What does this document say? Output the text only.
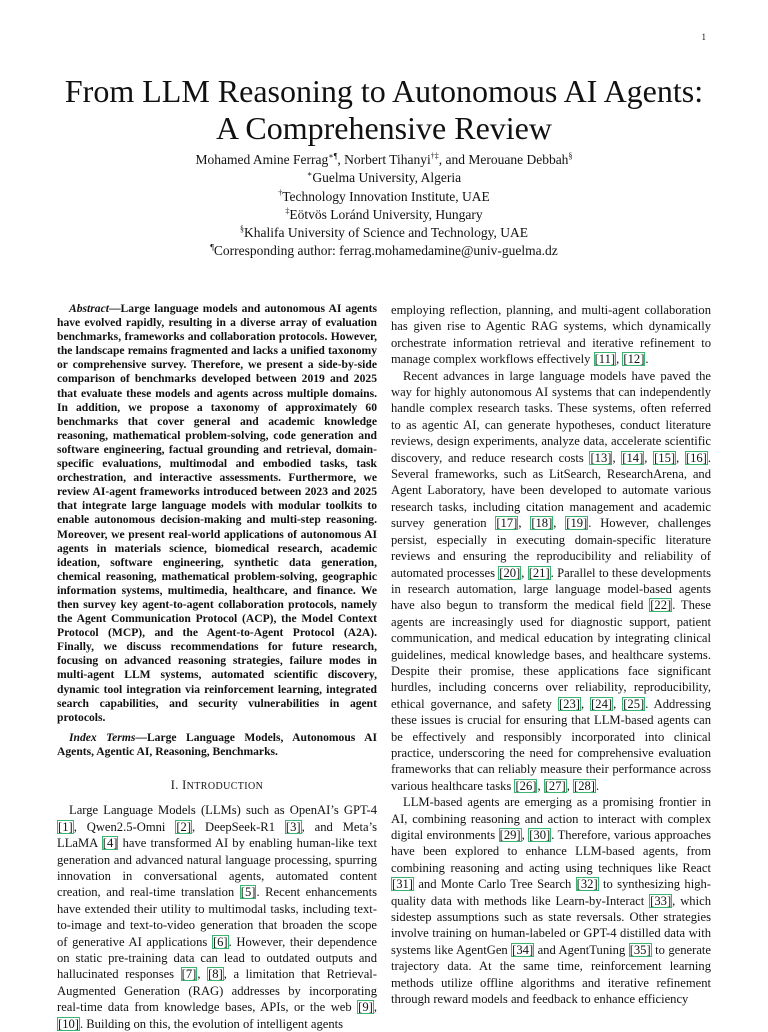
1
From LLM Reasoning to Autonomous AI Agents:
A Comprehensive Review
Mohamed Amine Ferrag∗¶, Norbert Tihanyi†‡, and Merouane Debbah§
∗Guelma University, Algeria
†Technology Innovation Institute, UAE
‡Eötvös Loránd University, Hungary
§Khalifa University of Science and Technology, UAE
¶Corresponding author: ferrag.mohamedamine@univ-guelma.dz

Abstract—Large language models and autonomous AI agents have evolved rapidly, resulting in a diverse array of evaluation benchmarks, frameworks and collaboration protocols. However, the landscape remains fragmented and lacks a unified taxonomy or comprehensive survey. Therefore, we present a side-by-side comparison of benchmarks developed between 2019 and 2025 that evaluate these models and agents across multiple domains. In addition, we propose a taxonomy of approximately 60 benchmarks that cover general and academic knowledge reasoning, mathematical problem-solving, code generation and software engineering, factual grounding and retrieval, domain-specific evaluations, multimodal and embodied tasks, task orchestration, and interactive assessments. Furthermore, we review AI-agent frameworks introduced between 2023 and 2025 that integrate large language models with modular toolkits to enable autonomous decision-making and multi-step reasoning. Moreover, we present real-world applications of autonomous AI agents in materials science, biomedical research, academic ideation, software engineering, synthetic data generation, chemical reasoning, mathematical problem-solving, geographic information systems, multimedia, healthcare, and finance. We then survey key agent-to-agent collaboration protocols, namely the Agent Communication Protocol (ACP), the Model Context Protocol (MCP), and the Agent-to-Agent Protocol (A2A). Finally, we discuss recommendations for future research, focusing on advanced reasoning strategies, failure modes in multi-agent LLM systems, automated scientific discovery, dynamic tool integration via reinforcement learning, integrated search capabilities, and security vulnerabilities in agent protocols.

Index Terms—Large Language Models, Autonomous AI Agents, Agentic AI, Reasoning, Benchmarks.

I. INTRODUCTION

Large Language Models (LLMs) such as OpenAI’s GPT-4 [1], Qwen2.5-Omni [2], DeepSeek-R1 [3], and Meta’s LLaMA [4] have transformed AI by enabling human-like text generation and advanced natural language processing, spurring innovation in conversational agents, automated content creation, and real-time translation [5]. Recent enhancements have extended their utility to multimodal tasks, including text-to-image and text-to-video generation that broaden the scope of generative AI applications [6]. However, their dependence on static pre-training data can lead to outdated outputs and hallucinated responses [7], [8], a limitation that Retrieval-Augmented Generation (RAG) addresses by incorporating real-time data from knowledge bases, APIs, or the web [9], [10]. Building on this, the evolution of intelligent agents

employing reflection, planning, and multi-agent collaboration has given rise to Agentic RAG systems, which dynamically orchestrate information retrieval and iterative refinement to manage complex workflows effectively [11], [12].

Recent advances in large language models have paved the way for highly autonomous AI systems that can independently handle complex research tasks. These systems, often referred to as agentic AI, can generate hypotheses, conduct literature reviews, design experiments, analyze data, accelerate scientific discovery, and reduce research costs [13], [14], [15], [16]. Several frameworks, such as LitSearch, ResearchArena, and Agent Laboratory, have been developed to automate various research tasks, including citation management and academic survey generation [17], [18], [19]. However, challenges persist, especially in executing domain-specific literature reviews and ensuring the reproducibility and reliability of automated processes [20], [21]. Parallel to these developments in research automation, large language model-based agents have also begun to transform the medical field [22]. These agents are increasingly used for diagnostic support, patient communication, and medical education by integrating clinical guidelines, medical knowledge bases, and healthcare systems. Despite their promise, these applications face significant hurdles, including concerns over reliability, reproducibility, ethical governance, and safety [23], [24], [25]. Addressing these issues is crucial for ensuring that LLM-based agents can be effectively and responsibly incorporated into clinical practice, underscoring the need for comprehensive evaluation frameworks that can reliably measure their performance across various healthcare tasks [26], [27], [28].

LLM-based agents are emerging as a promising frontier in AI, combining reasoning and action to interact with complex digital environments [29], [30]. Therefore, various approaches have been explored to enhance LLM-based agents, from combining reasoning and acting using techniques like React [31] and Monte Carlo Tree Search [32] to synthesizing high-quality data with methods like Learn-by-Interact [33], which sidestep assumptions such as state reversals. Other strategies involve training on human-labeled or GPT-4 distilled data with systems like AgentGen [34] and AgentTuning [35] to generate trajectory data. At the same time, reinforcement learning methods utilize offline algorithms and iterative refinement through reward models and feedback to enhance efficiency
